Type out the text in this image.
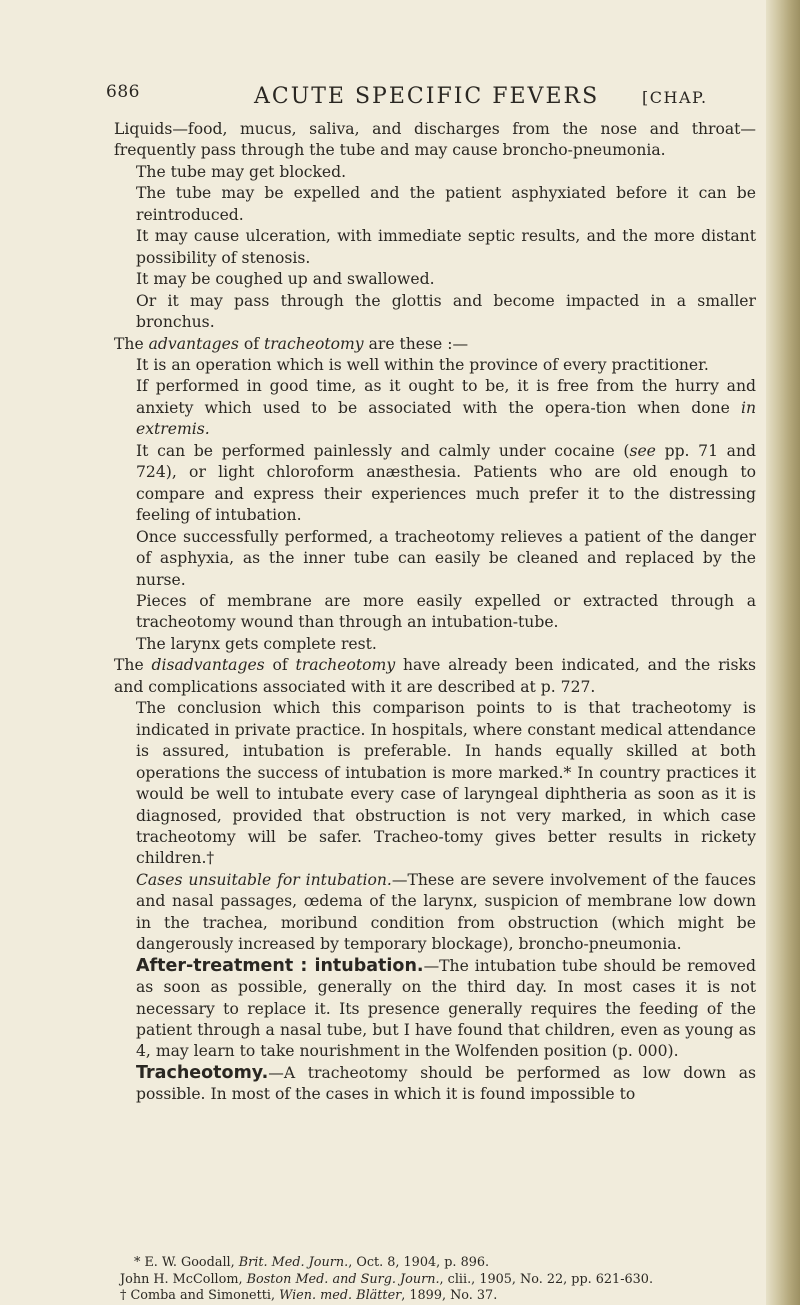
686	ACUTE SPECIFIC FEVERS	[CHAP.

Liquids—food, mucus, saliva, and discharges from the nose and throat—frequently pass through the tube and may cause broncho-pneumonia.

The tube may get blocked.

The tube may be expelled and the patient asphyxiated before it can be reintroduced.

It may cause ulceration, with immediate septic results, and the more distant possibility of stenosis.

It may be coughed up and swallowed.

Or it may pass through the glottis and become impacted in a smaller bronchus.

The advantages of tracheotomy are these :—

It is an operation which is well within the province of every practitioner.

If performed in good time, as it ought to be, it is free from the hurry and anxiety which used to be associated with the opera-tion when done in extremis.

It can be performed painlessly and calmly under cocaine (see pp. 71 and 724), or light chloroform anæsthesia. Patients who are old enough to compare and express their experiences much prefer it to the distressing feeling of intubation.

Once successfully performed, a tracheotomy relieves a patient of the danger of asphyxia, as the inner tube can easily be cleaned and replaced by the nurse.

Pieces of membrane are more easily expelled or extracted through a tracheotomy wound than through an intubation-tube.

The larynx gets complete rest.

The disadvantages of tracheotomy have already been indicated, and the risks and complications associated with it are described at p. 727.

The conclusion which this comparison points to is that tracheotomy is indicated in private practice. In hospitals, where constant medical attendance is assured, intubation is preferable. In hands equally skilled at both operations the success of intubation is more marked.* In country practices it would be well to intubate every case of laryngeal diphtheria as soon as it is diagnosed, provided that obstruction is not very marked, in which case tracheotomy will be safer. Tracheo-tomy gives better results in rickety children.†

Cases unsuitable for intubation.—These are severe involvement of the fauces and nasal passages, œdema of the larynx, suspicion of membrane low down in the trachea, moribund condition from obstruction (which might be dangerously increased by temporary blockage), broncho-pneumonia.

After-treatment : intubation.—The intubation tube should be removed as soon as possible, generally on the third day. In most cases it is not necessary to replace it. Its presence generally requires the feeding of the patient through a nasal tube, but I have found that children, even as young as 4, may learn to take nourishment in the Wolfenden position (p. 000).

Tracheotomy.—A tracheotomy should be performed as low down as possible. In most of the cases in which it is found impossible to

* E. W. Goodall, Brit. Med. Journ., Oct. 8, 1904, p. 896.

John H. McCollom, Boston Med. and Surg. Journ., clii., 1905, No. 22, pp. 621-630.

† Comba and Simonetti, Wien. med. Blätter, 1899, No. 37.
